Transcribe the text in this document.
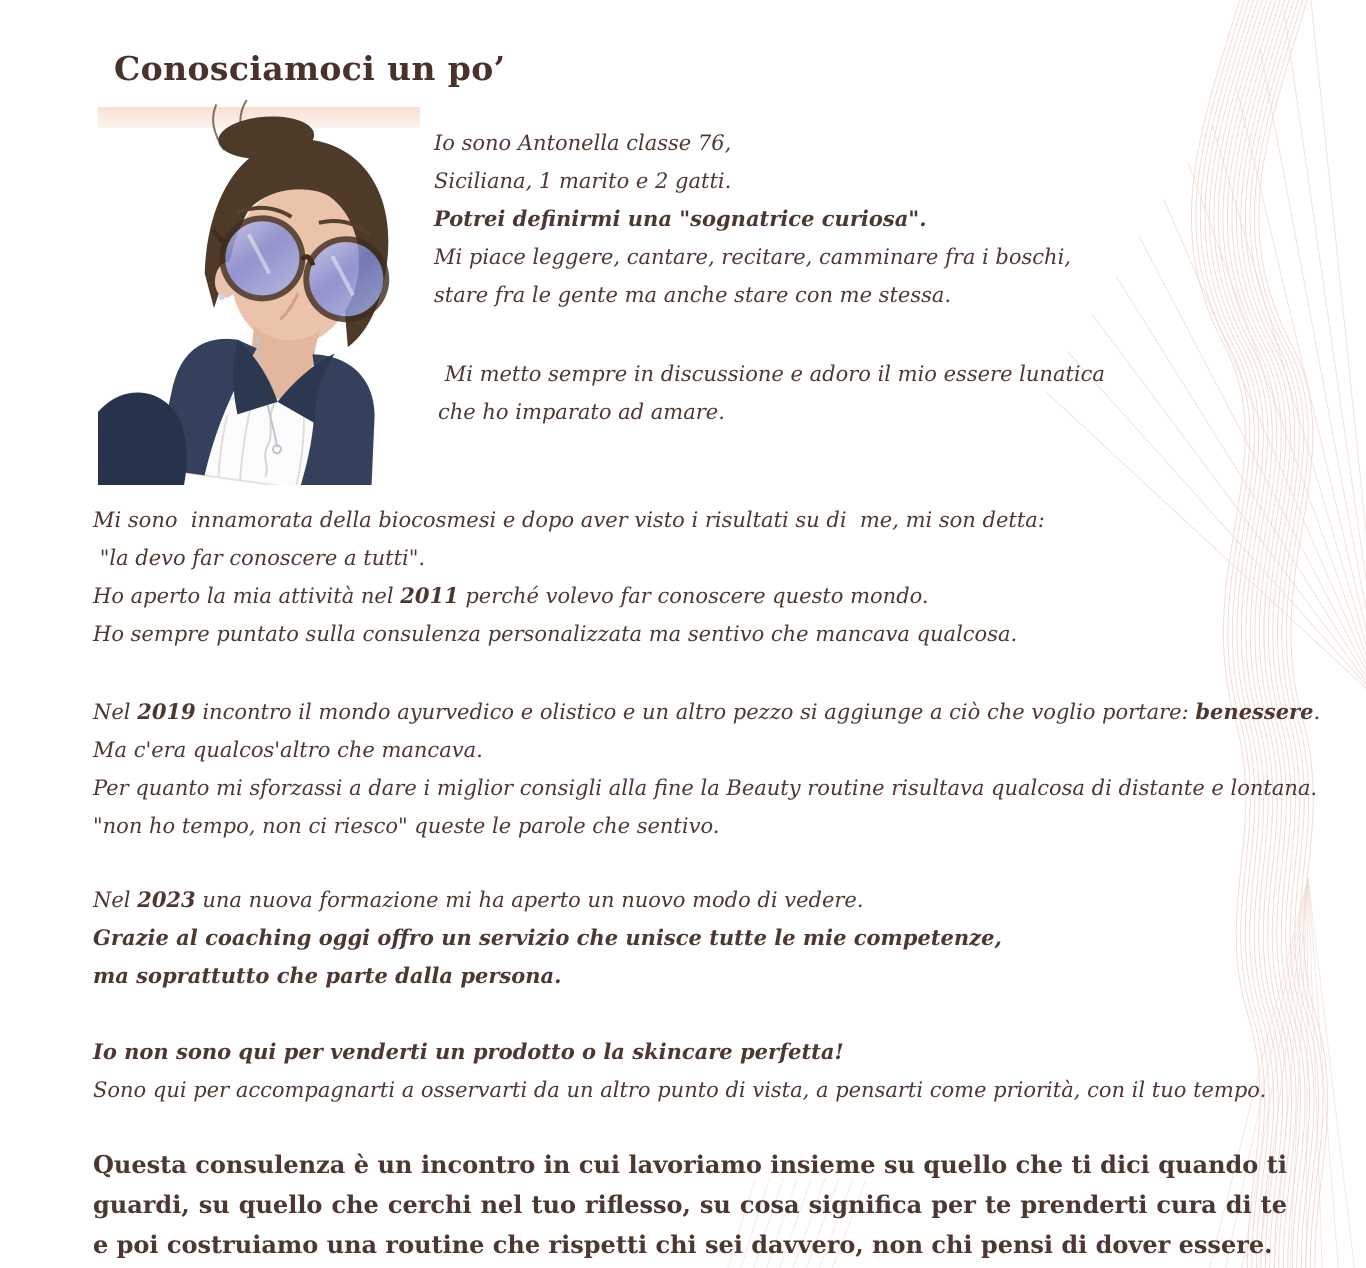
Conosciamoci un po’
Io sono Antonella classe 76,
Siciliana, 1 marito e 2 gatti.
Potrei definirmi una "sognatrice curiosa".
Mi piace leggere, cantare, recitare, camminare fra i boschi,
stare fra le gente ma anche stare con me stessa.
Mi metto sempre in discussione e adoro il mio essere lunatica
che ho imparato ad amare.
Mi sono  innamorata della biocosmesi e dopo aver visto i risultati su di  me, mi son detta:
"la devo far conoscere a tutti".
Ho aperto la mia attività nel 2011 perché volevo far conoscere questo mondo.
Ho sempre puntato sulla consulenza personalizzata ma sentivo che mancava qualcosa.
Nel 2019 incontro il mondo ayurvedico e olistico e un altro pezzo si aggiunge a ciò che voglio portare: benessere.
Ma c'era qualcos'altro che mancava.
Per quanto mi sforzassi a dare i miglior consigli alla fine la Beauty routine risultava qualcosa di distante e lontana.
"non ho tempo, non ci riesco" queste le parole che sentivo.
Nel 2023 una nuova formazione mi ha aperto un nuovo modo di vedere.
Grazie al coaching oggi offro un servizio che unisce tutte le mie competenze,
ma soprattutto che parte dalla persona.
Io non sono qui per venderti un prodotto o la skincare perfetta!
Sono qui per accompagnarti a osservarti da un altro punto di vista, a pensarti come priorità, con il tuo tempo.
Questa consulenza è un incontro in cui lavoriamo insieme su quello che ti dici quando ti guardi, su quello che cerchi nel tuo riflesso, su cosa significa per te prenderti cura di te e poi costruiamo una routine che rispetti chi sei davvero, non chi pensi di dover essere.
